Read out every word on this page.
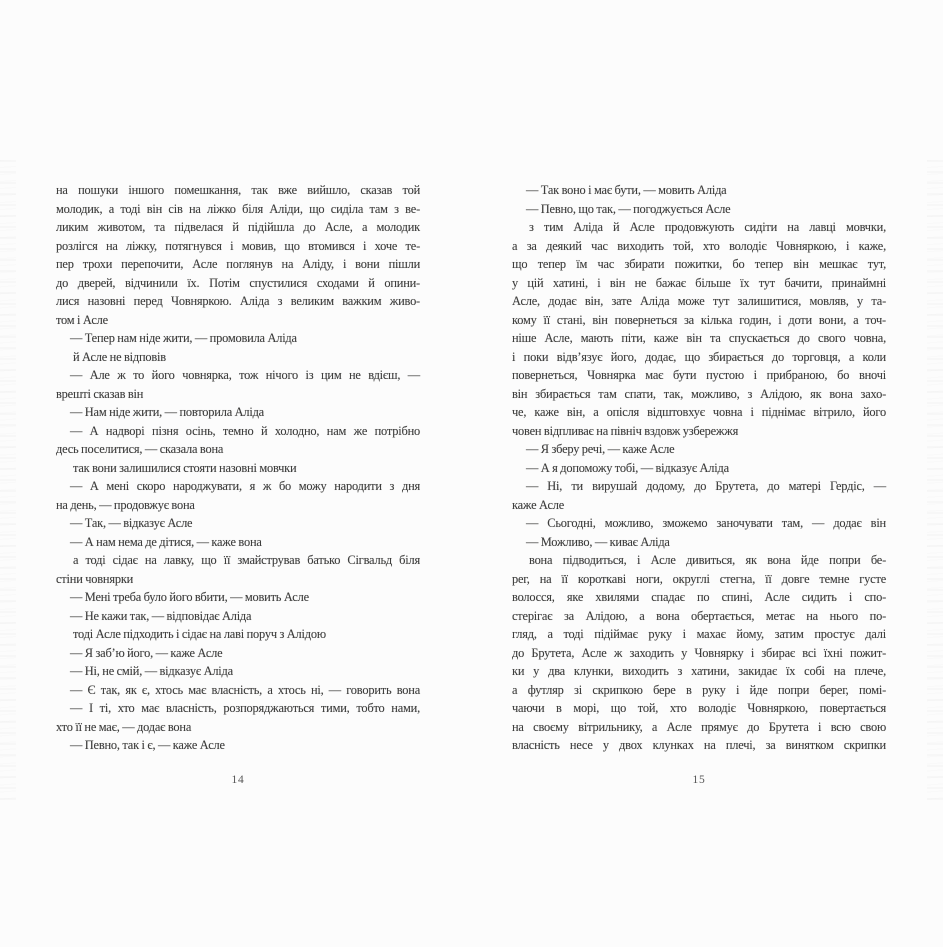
на пошуки іншого помешкання, так вже вийшло, сказав той
молодик, а тоді він сів на ліжко біля Аліди, що сиділа там з ве-
ликим животом, та підвелася й підійшла до Асле, а молодик
розлігся на ліжку, потягнувся і мовив, що втомився і хоче те-
пер трохи перепочити, Асле поглянув на Аліду, і вони пішли
до дверей, відчинили їх. Потім спустилися сходами й опини-
лися назовні перед Човняркою. Аліда з великим важким живо-
том і Асле
— Тепер нам ніде жити, — промовила Аліда
й Асле не відповів
— Але ж то його човнярка, тож нічого із цим не вдієш, —
врешті сказав він
— Нам ніде жити, — повторила Аліда
— А надворі пізня осінь, темно й холодно, нам же потрібно
десь поселитися, — сказала вона
так вони залишилися стояти назовні мовчки
— А мені скоро народжувати, я ж бо можу народити з дня
на день, — продовжує вона
— Так, — відказує Асле
— А нам нема де дітися, — каже вона
а тоді сідає на лавку, що її змайстрував батько Сігвальд біля
стіни човнярки
— Мені треба було його вбити, — мовить Асле
— Не кажи так, — відповідає Аліда
тоді Асле підходить і сідає на лаві поруч з Алідою
— Я забʼю його, — каже Асле
— Ні, не смій, — відказує Аліда
— Є так, як є, хтось має власність, а хтось ні, — говорить вона
— І ті, хто має власність, розпоряджаються тими, тобто нами,
хто її не має, — додає вона
— Певно, так і є, — каже Асле
14
— Так воно і має бути, — мовить Аліда
— Певно, що так, — погоджується Асле
з тим Аліда й Асле продовжують сидіти на лавці мовчки,
а за деякий час виходить той, хто володіє Човняркою, і каже,
що тепер їм час збирати пожитки, бо тепер він мешкає тут,
у цій хатині, і він не бажає більше їх тут бачити, принаймні
Асле, додає він, зате Аліда може тут залишитися, мовляв, у та-
кому її стані, він повернеться за кілька годин, і доти вони, а точ-
ніше Асле, мають піти, каже він та спускається до свого човна,
і поки відвʼязує його, додає, що збирається до торговця, а коли
повернеться, Човнярка має бути пустою і прибраною, бо вночі
він збирається там спати, так, можливо, з Алідою, як вона захо-
че, каже він, а опісля відштовхує човна і піднімає вітрило, його
човен відпливає на північ вздовж узбережжя
— Я зберу речі, — каже Асле
— А я допоможу тобі, — відказує Аліда
— Ні, ти вирушай додому, до Брутета, до матері Гердіс, —
каже Асле
— Сьогодні, можливо, зможемо заночувати там, — додає він
— Можливо, — киває Аліда
вона підводиться, і Асле дивиться, як вона йде попри бе-
рег, на її короткаві ноги, округлі стегна, її довге темне густе
волосся, яке хвилями спадає по спині, Асле сидить і спо-
стерігає за Алідою, а вона обертається, метає на нього по-
гляд, а тоді підіймає руку і махає йому, затим простує далі
до Брутета, Асле ж заходить у Човнярку і збирає всі їхні пожит-
ки у два клунки, виходить з хатини, закидає їх собі на плече,
а футляр зі скрипкою бере в руку і йде попри берег, помі-
чаючи в морі, що той, хто володіє Човняркою, повертається
на своєму вітрильнику, а Асле прямує до Брутета і всю свою
власність несе у двох клунках на плечі, за винятком скрипки
15
